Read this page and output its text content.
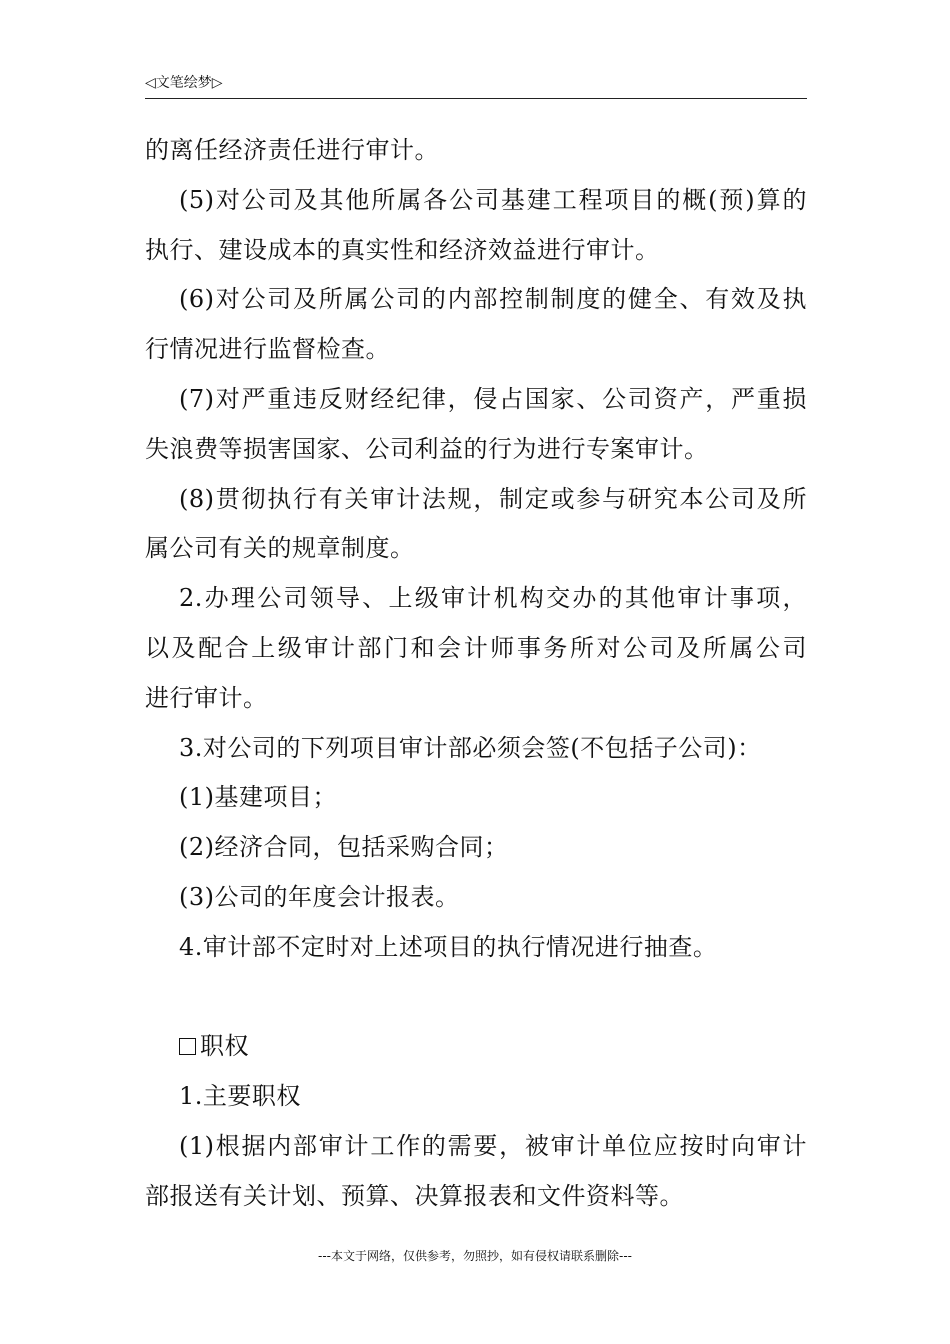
◁文笔绘梦▷
的离任经济责任进行审计。
(5)对公司及其他所属各公司基建工程项目的概(预)算的
执行、建设成本的真实性和经济效益进行审计。
(6)对公司及所属公司的内部控制制度的健全、有效及执
行情况进行监督检查。
(7)对严重违反财经纪律，侵占国家、公司资产，严重损
失浪费等损害国家、公司利益的行为进行专案审计。
(8)贯彻执行有关审计法规，制定或参与研究本公司及所
属公司有关的规章制度。
2.办理公司领导、上级审计机构交办的其他审计事项，
以及配合上级审计部门和会计师事务所对公司及所属公司
进行审计。
3.对公司的下列项目审计部必须会签(不包括子公司)：
(1)基建项目；
(2)经济合同，包括采购合同；
(3)公司的年度会计报表。
4.审计部不定时对上述项目的执行情况进行抽查。
职权
1.主要职权
(1)根据内部审计工作的需要，被审计单位应按时向审计
部报送有关计划、预算、决算报表和文件资料等。
---本文于网络，仅供参考，勿照抄，如有侵权请联系删除---
